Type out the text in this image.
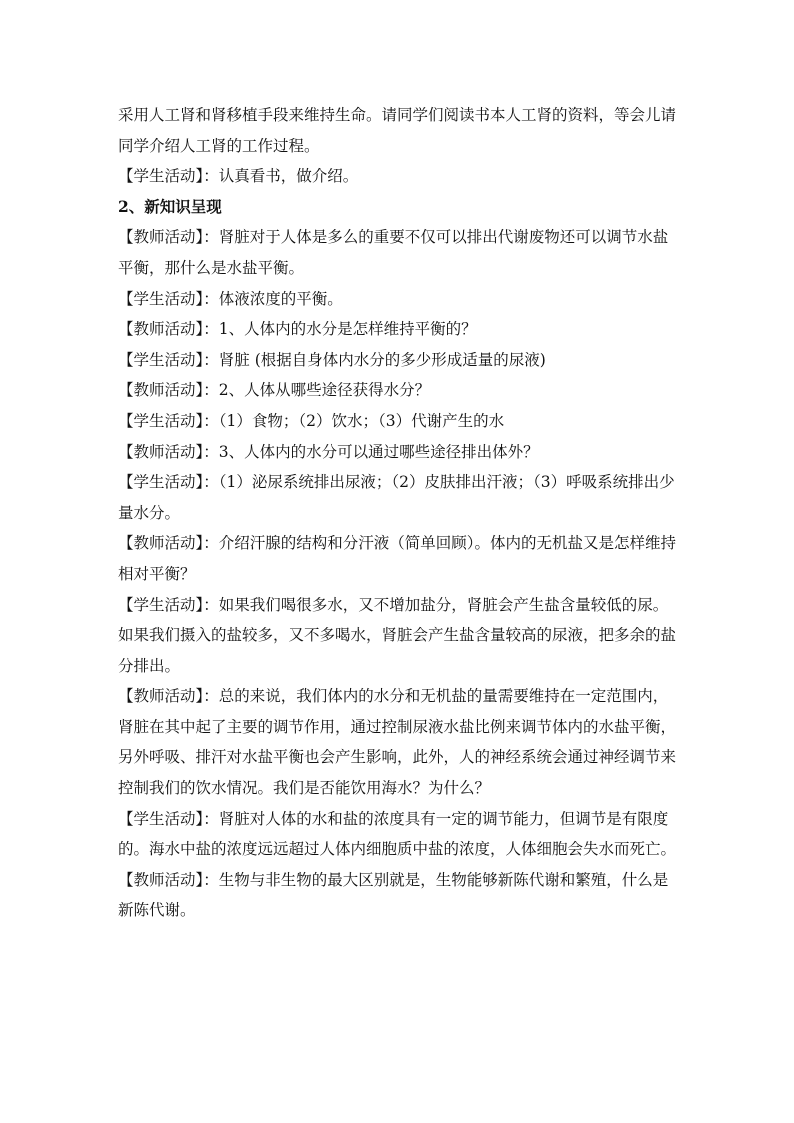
采用人工肾和肾移植手段来维持生命。请同学们阅读书本人工肾的资料，等会儿请同学介绍人工肾的工作过程。

【学生活动】：认真看书，做介绍。

2、新知识呈现

【教师活动】：肾脏对于人体是多么的重要不仅可以排出代谢废物还可以调节水盐平衡，那什么是水盐平衡。

【学生活动】：体液浓度的平衡。

【教师活动】：1、人体内的水分是怎样维持平衡的？

【学生活动】：肾脏 (根据自身体内水分的多少形成适量的尿液)

【教师活动】：2、人体从哪些途径获得水分？

【学生活动】：（1）食物；（2）饮水；（3）代谢产生的水

【教师活动】：3、人体内的水分可以通过哪些途径排出体外？

【学生活动】：（1）泌尿系统排出尿液；（2）皮肤排出汗液；（3）呼吸系统排出少量水分。

【教师活动】：介绍汗腺的结构和分汗液（简单回顾）。体内的无机盐又是怎样维持相对平衡？

【学生活动】：如果我们喝很多水，又不增加盐分，肾脏会产生盐含量较低的尿。如果我们摄入的盐较多，又不多喝水，肾脏会产生盐含量较高的尿液，把多余的盐分排出。

【教师活动】：总的来说，我们体内的水分和无机盐的量需要维持在一定范围内，肾脏在其中起了主要的调节作用，通过控制尿液水盐比例来调节体内的水盐平衡，另外呼吸、排汗对水盐平衡也会产生影响，此外，人的神经系统会通过神经调节来控制我们的饮水情况。我们是否能饮用海水？为什么？

【学生活动】：肾脏对人体的水和盐的浓度具有一定的调节能力，但调节是有限度的。海水中盐的浓度远远超过人体内细胞质中盐的浓度，人体细胞会失水而死亡。

【教师活动】：生物与非生物的最大区别就是，生物能够新陈代谢和繁殖，什么是新陈代谢。
